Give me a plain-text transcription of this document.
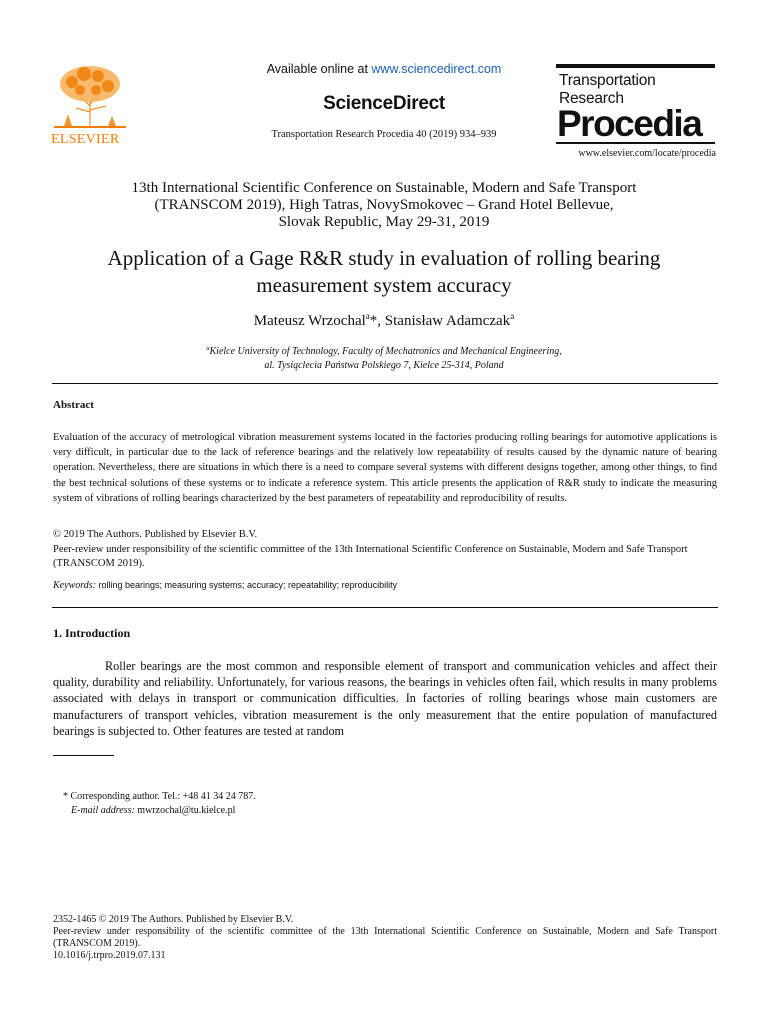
ELSEVIER
Available online at www.sciencedirect.com
ScienceDirect
Transportation Research Procedia 40 (2019) 934–939
Transportation
Research
Procedia
www.elsevier.com/locate/procedia
13th International Scientific Conference on Sustainable, Modern and Safe Transport
(TRANSCOM 2019), High Tatras, NovySmokovec – Grand Hotel Bellevue,
Slovak Republic, May 29-31, 2019
Application of a Gage R&R study in evaluation of rolling bearing
measurement system accuracy
Mateusz Wrzochal$^a$*, Stanisław Adamczak$^a$
$^a$Kielce University of Technology, Faculty of Mechatronics and Mechanical Engineering,
al. Tysiąclecia Państwa Polskiego 7, Kielce 25-314, Poland
Abstract
Evaluation of the accuracy of metrological vibration measurement systems located in the factories producing rolling bearings for automotive applications is very difficult, in particular due to the lack of reference bearings and the relatively low repeatability of results caused by the dynamic nature of bearing operation. Nevertheless, there are situations in which there is a need to compare several systems with different designs together, among other things, to find the best technical solutions of these systems or to indicate a reference system. This article presents the application of R&R study to indicate the measuring system of vibrations of rolling bearings characterized by the best parameters of repeatability and reproducibility of results.
© 2019 The Authors. Published by Elsevier B.V.
Peer-review under responsibility of the scientific committee of the 13th International Scientific Conference on Sustainable, Modern and Safe Transport (TRANSCOM 2019).
Keywords: rolling bearings; measuring systems; accuracy; repeatability; reproducibility
1. Introduction
Roller bearings are the most common and responsible element of transport and communication vehicles and affect their quality, durability and reliability. Unfortunately, for various reasons, the bearings in vehicles often fail, which results in many problems associated with delays in transport or communication difficulties. In factories of rolling bearings whose main customers are manufacturers of transport vehicles, vibration measurement is the only measurement that the entire population of manufactured bearings is subjected to. Other features are tested at random
* Corresponding author. Tel.: +48 41 34 24 787.
E-mail address: mwrzochal@tu.kielce.pl
2352-1465 © 2019 The Authors. Published by Elsevier B.V.
Peer-review under responsibility of the scientific committee of the 13th International Scientific Conference on Sustainable, Modern and Safe Transport (TRANSCOM 2019).
10.1016/j.trpro.2019.07.131
